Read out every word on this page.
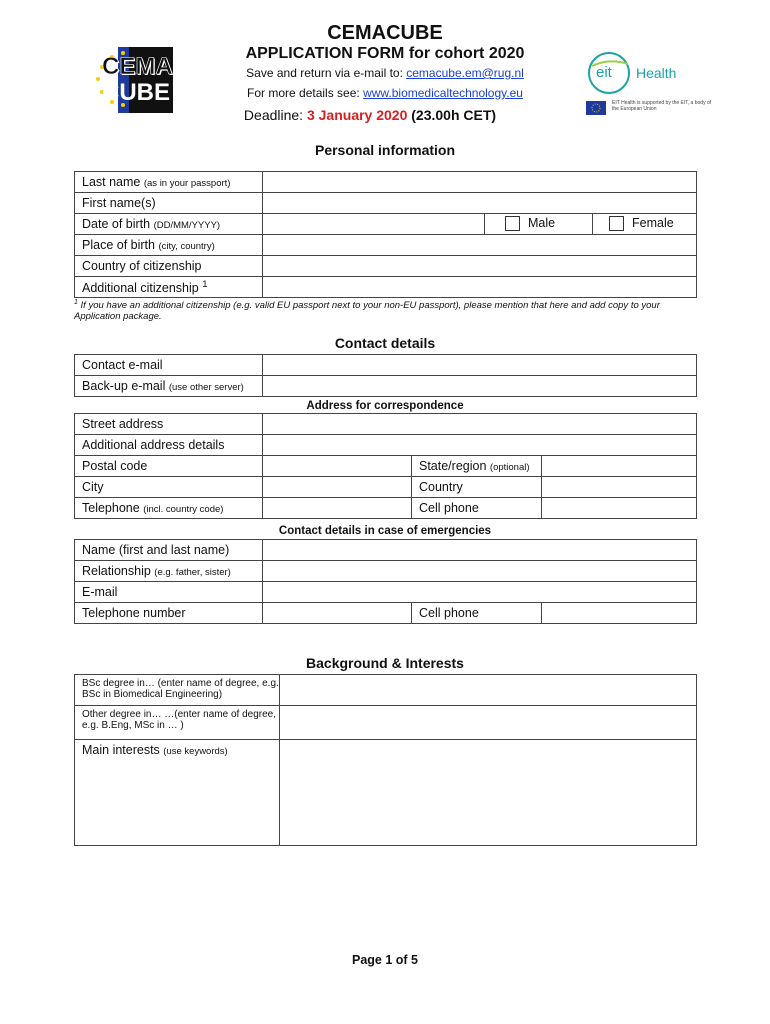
CEMA
CUBE
CEMACUBE
APPLICATION FORM for cohort 2020
Save and return via e-mail to: cemacube.em@rug.nl
For more details see: www.biomedicaltechnology.eu
Deadline: 3 January 2020 (23.00h CET)
eit Health
EIT Health is supported by the EIT, a body of the European Union
Personal information
Last name (as in your passport)			
First name(s)			
Date of birth (DD/MM/YYYY)		Male	Female
Place of birth (city, country)			
Country of citizenship			
Additional citizenship $^1$	
$^1$ If you have an additional citizenship (e.g. valid EU passport next to your non-EU passport), please mention that here and add copy to your Application package.
Contact details
Contact e-mail	
Back-up e-mail (use other server)	
Address for correspondence
Street address			
Additional address details			
Postal code		State/region (optional)	
City		Country	
Telephone (incl. country code)		Cell phone	
Contact details in case of emergencies
Name (first and last name)			
Relationship (e.g. father, sister)			
E-mail			
Telephone number		Cell phone	
Background & Interests
BSc degree in… (enter name of degree, e.g. BSc in Biomedical Engineering)	
Other degree in… …(enter name of degree, e.g. B.Eng, MSc in … )	
Main interests (use keywords)	
Page 1 of 5
